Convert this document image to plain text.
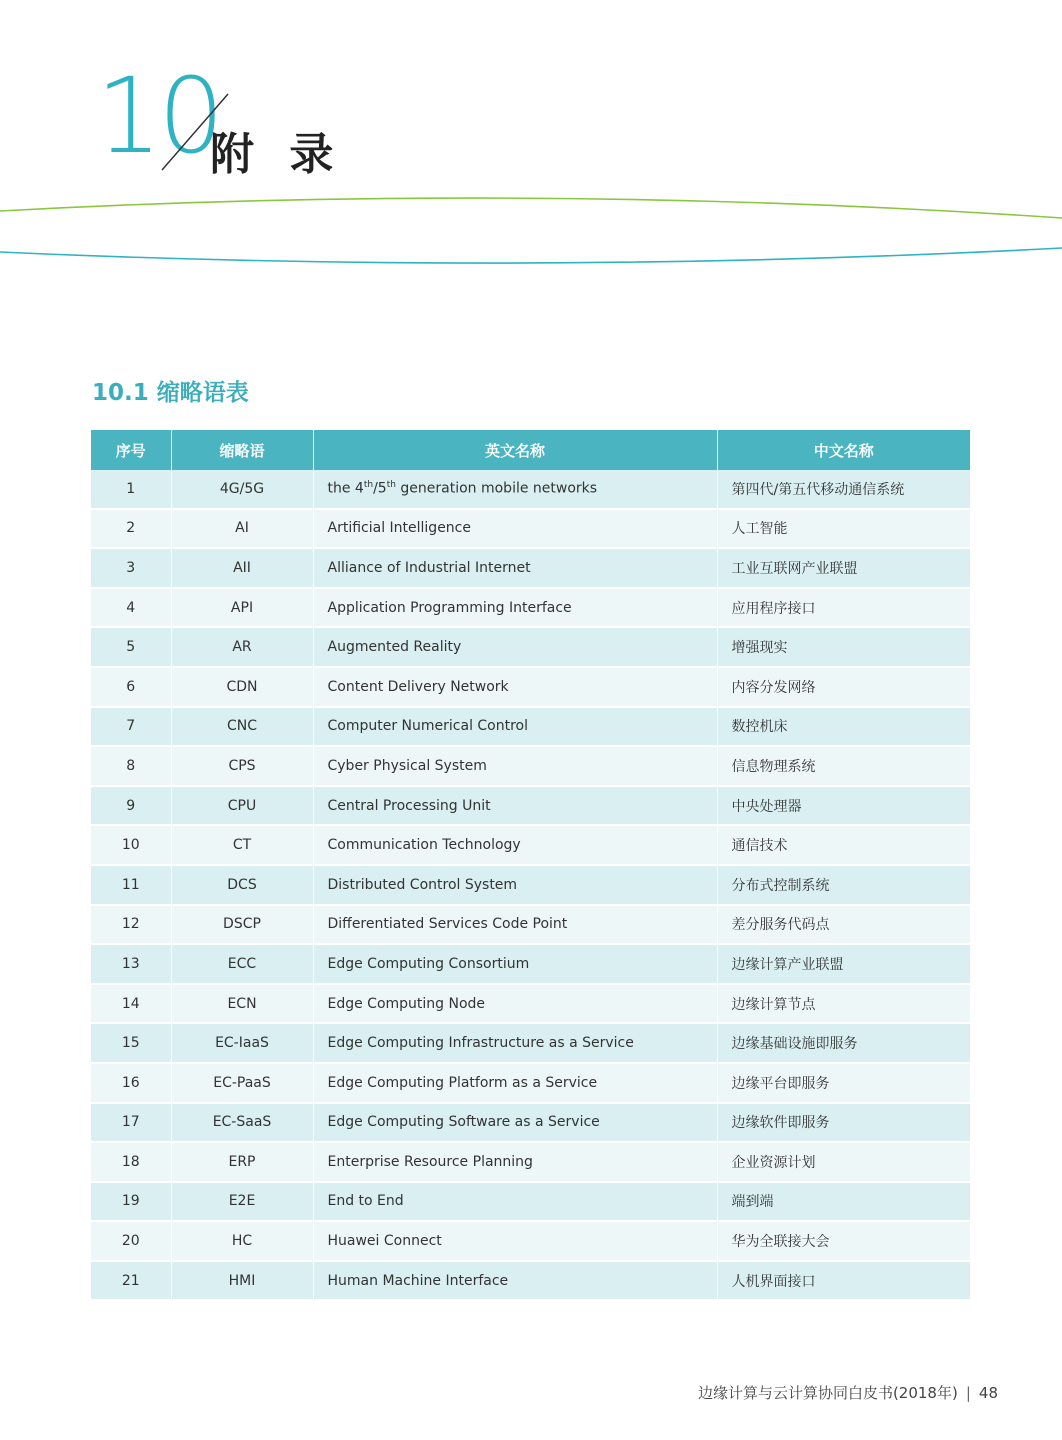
10
附 录
10.1 缩略语表
序号	缩略语	英文名称	中文名称
1	4G/5G	the 4th/5th generation mobile networks	第四代/第五代移动通信系统
2	AI	Artificial Intelligence	人工智能
3	AII	Alliance of Industrial Internet	工业互联网产业联盟
4	API	Application Programming Interface	应用程序接口
5	AR	Augmented Reality	增强现实
6	CDN	Content Delivery Network	内容分发网络
7	CNC	Computer Numerical Control	数控机床
8	CPS	Cyber Physical System	信息物理系统
9	CPU	Central Processing Unit	中央处理器
10	CT	Communication Technology	通信技术
11	DCS	Distributed Control System	分布式控制系统
12	DSCP	Differentiated Services Code Point	差分服务代码点
13	ECC	Edge Computing Consortium	边缘计算产业联盟
14	ECN	Edge Computing Node	边缘计算节点
15	EC-IaaS	Edge Computing Infrastructure as a Service	边缘基础设施即服务
16	EC-PaaS	Edge Computing Platform as a Service	边缘平台即服务
17	EC-SaaS	Edge Computing Software as a Service	边缘软件即服务
18	ERP	Enterprise Resource Planning	企业资源计划
19	E2E	End to End	端到端
20	HC	Huawei Connect	华为全联接大会
21	HMI	Human Machine Interface	人机界面接口
边缘计算与云计算协同白皮书(2018年) | 48
